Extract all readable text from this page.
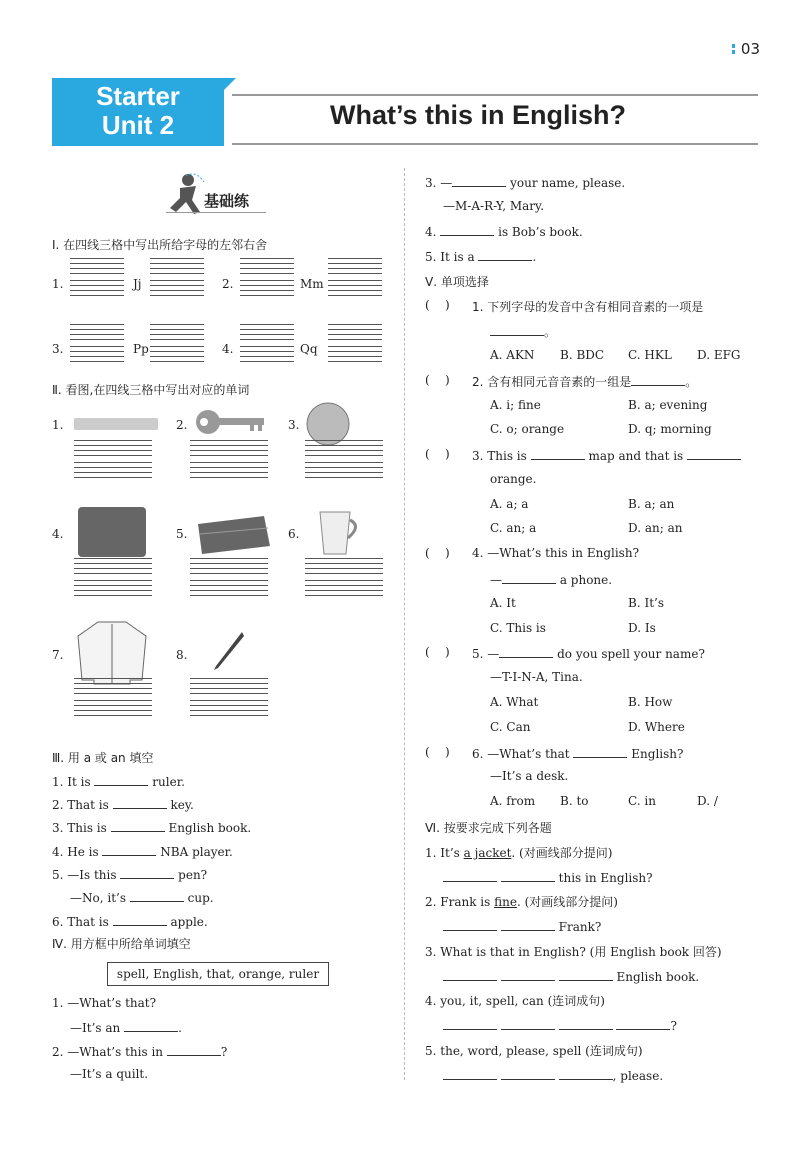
03
Starter
Unit 2	What’s this in English?
基础练
Ⅰ. 在四线三格中写出所给字母的左邻右舍
1.	Jj	2.	Mm
3.	Pp	4.	Qq
Ⅱ. 看图,在四线三格中写出对应的单词
1.	2.	3.
4.	5.	6.
7.	8.
Ⅲ. 用 a 或 an 填空
1. It is	ruler.
2. That is	key.
3. This is	English book.
4. He is	NBA player.
5. —Is this	pen?
—No, it’s	cup.
6. That is	apple.
Ⅳ. 用方框中所给单词填空
spell, English, that, orange, ruler
1. —What’s that?
—It’s an	.
2. —What’s this in	?
—It’s a quilt.
3. —	your name, please.
—M-A-R-Y, Mary.
4.	is Bob’s book.
5. It is a	.
Ⅴ. 单项选择
( ) 1. 下列字母的发音中含有相同音素的一项是
。
A. AKN B. BDC C. HKL D. EFG
( ) 2. 含有相同元音音素的一组是	。
A. i; fine	B. a; evening
C. o; orange	D. q; morning
( ) 3. This is	map and that is
orange.
A. a; a	B. a; an
C. an; a	D. an; an
( ) 4. —What’s this in English?
—	a phone.
A. It	B. It’s
C. This is	D. Is
( ) 5. —	do you spell your name?
—T-I-N-A, Tina.
A. What	B. How
C. Can	D. Where
( ) 6. —What’s that	English?
—It’s a desk.
A. from B. to	C. in	D. /
Ⅵ. 按要求完成下列各题
1. It’s a jacket. (对画线部分提问)
this in English?
2. Frank is fine. (对画线部分提问)
Frank?
3. What is that in English? (用 English book 回答)
English book.
4. you, it, spell, can (连词成句)
?
5. the, word, please, spell (连词成句)
, please.
